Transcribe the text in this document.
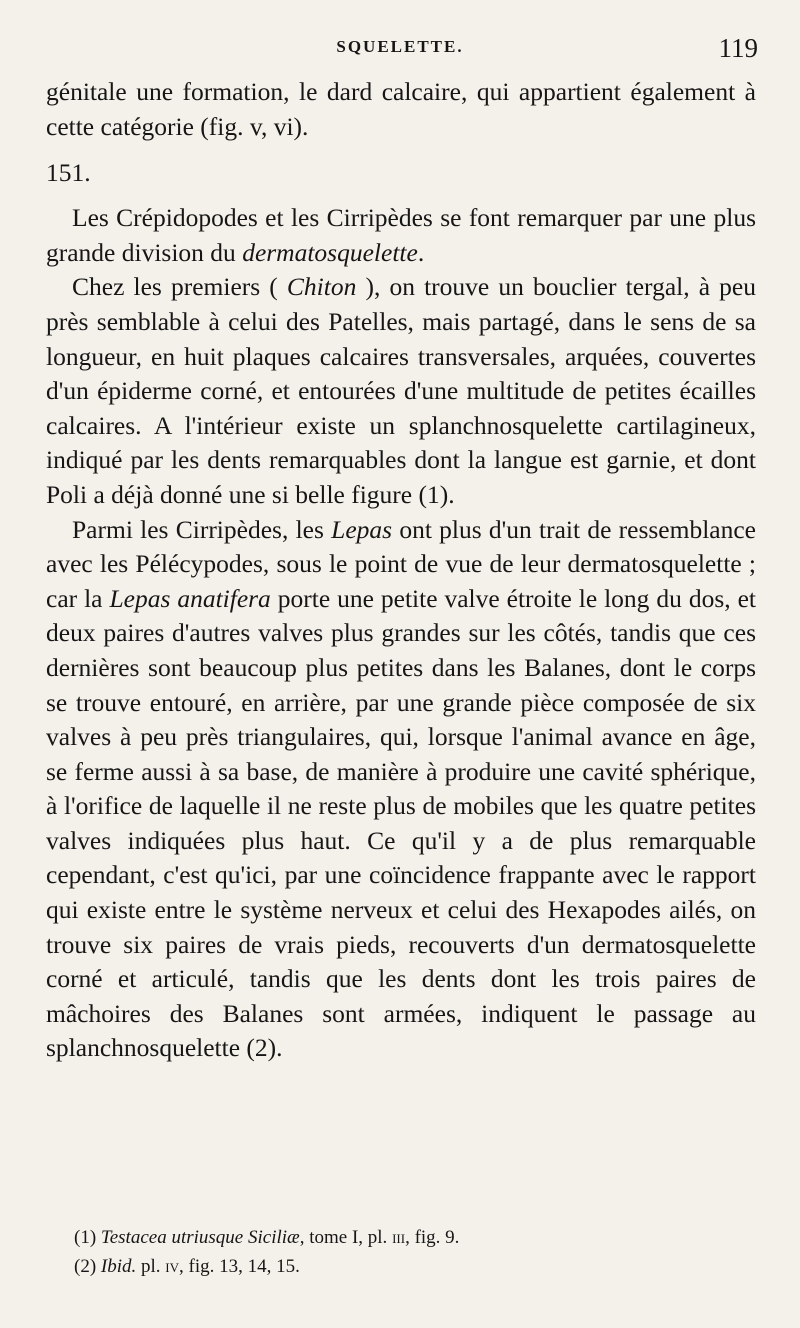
SQUELETTE.	119

génitale une formation, le dard calcaire, qui appartient également à cette catégorie (fig. v, vi).

151.

Les Crépidopodes et les Cirripèdes se font remarquer par une plus grande division du dermatosquelette.

Chez les premiers ( Chiton ), on trouve un bouclier tergal, à peu près semblable à celui des Patelles, mais partagé, dans le sens de sa longueur, en huit plaques calcaires transversales, arquées, couvertes d'un épiderme corné, et entourées d'une multitude de petites écailles calcaires. A l'intérieur existe un splanchnosquelette cartilagineux, indiqué par les dents remarquables dont la langue est garnie, et dont Poli a déjà donné une si belle figure (1).

Parmi les Cirripèdes, les Lepas ont plus d'un trait de ressemblance avec les Pélécypodes, sous le point de vue de leur dermatosquelette ; car la Lepas anatifera porte une petite valve étroite le long du dos, et deux paires d'autres valves plus grandes sur les côtés, tandis que ces dernières sont beaucoup plus petites dans les Balanes, dont le corps se trouve entouré, en arrière, par une grande pièce composée de six valves à peu près triangulaires, qui, lorsque l'animal avance en âge, se ferme aussi à sa base, de manière à produire une cavité sphérique, à l'orifice de laquelle il ne reste plus de mobiles que les quatre petites valves indiquées plus haut. Ce qu'il y a de plus remarquable cependant, c'est qu'ici, par une coïncidence frappante avec le rapport qui existe entre le système nerveux et celui des Hexapodes ailés, on trouve six paires de vrais pieds, recouverts d'un dermatosquelette corné et articulé, tandis que les dents dont les trois paires de mâchoires des Balanes sont armées, indiquent le passage au splanchnosquelette (2).

(1) Testacea utriusque Siciliæ, tome I, pl. iii, fig. 9.

(2) Ibid. pl. iv, fig. 13, 14, 15.
